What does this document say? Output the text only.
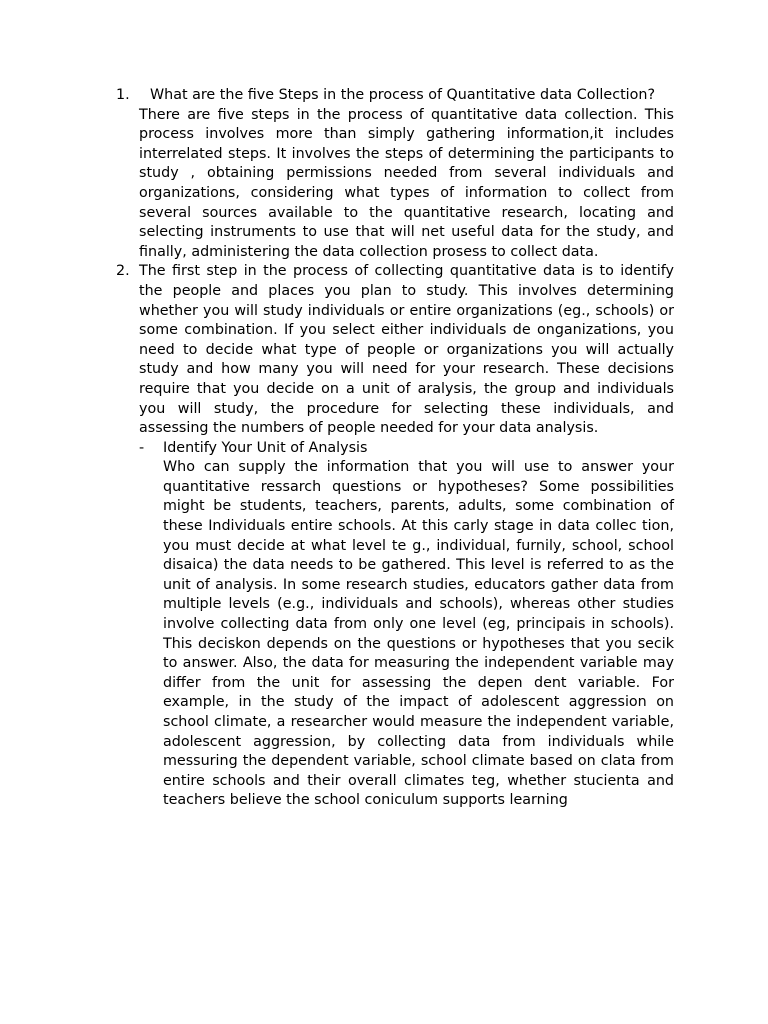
1.	What are the five Steps in the process of Quantitative data Collection?

There are five steps in the process of quantitative data collection. This process involves more than simply gathering information,it includes interrelated steps. It involves the steps of determining the participants to study , obtaining permissions needed from several individuals and organizations, considering what types of information to collect from several sources available to the quantitative research, locating and selecting instruments to use that will net useful data for the study, and finally, administering the data collection prosess to collect data.

2. The first step in the process of collecting quantitative data is to identify the people and places you plan to study. This involves determining whether you will study individuals or entire organizations (eg., schools) or some combination. If you select either individuals de onganizations, you need to decide what type of people or organizations you will actually study and how many you will need for your research. These decisions require that you decide on a unit of aralysis, the group and individuals you will study, the procedure for selecting these individuals, and assessing the numbers of people needed for your data analysis.

- Identify Your Unit of Analysis

Who can supply the information that you will use to answer your quantitative ressarch questions or hypotheses? Some possibilities might be students, teachers, parents, adults, some combination of these Individuals entire schools. At this carly stage in data collec tion, you must decide at what level te g., individual, furnily, school, school disaica) the data needs to be gathered. This level is referred to as the unit of analysis. In some research studies, educators gather data from multiple levels (e.g., individuals and schools), whereas other studies involve collecting data from only one level (eg, principais in schools). This deciskon depends on the questions or hypotheses that you secik to answer. Also, the data for measuring the independent variable may differ from the unit for assessing the depen dent variable. For example, in the study of the impact of adolescent aggression on school climate, a researcher would measure the independent variable, adolescent aggression, by collecting data from individuals while messuring the dependent variable, school climate based on clata from entire schools and their overall climates teg, whether stucienta and teachers believe the school coniculum supports learning
